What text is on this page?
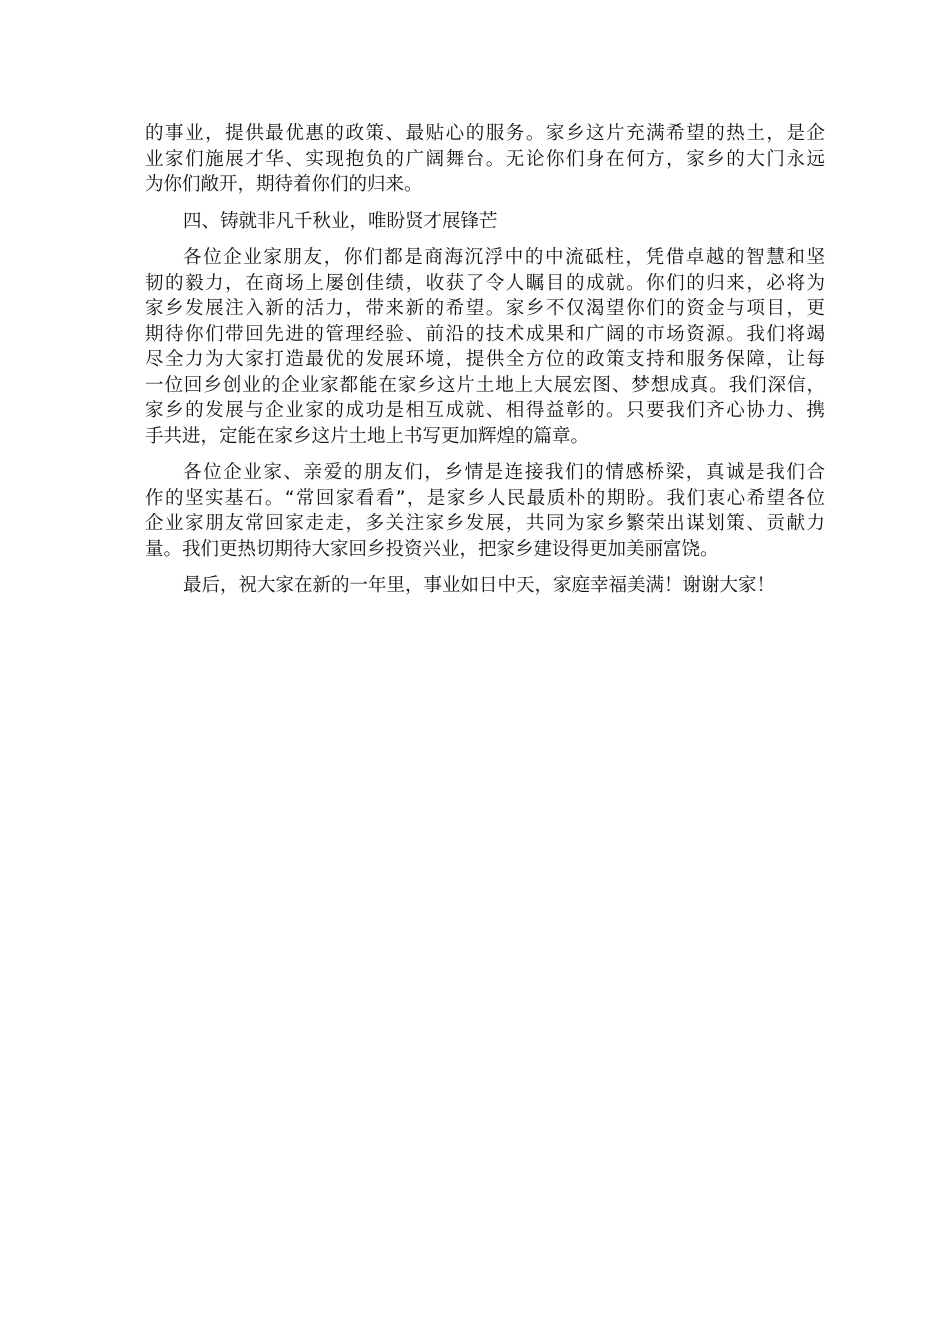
的事业，提供最优惠的政策、最贴心的服务。家乡这片充满希望的热土，是企
业家们施展才华、实现抱负的广阔舞台。无论你们身在何方，家乡的大门永远
为你们敞开，期待着你们的归来。

四、铸就非凡千秋业，唯盼贤才展锋芒

各位企业家朋友，你们都是商海沉浮中的中流砥柱，凭借卓越的智慧和坚
韧的毅力，在商场上屡创佳绩，收获了令人瞩目的成就。你们的归来，必将为
家乡发展注入新的活力，带来新的希望。家乡不仅渴望你们的资金与项目，更
期待你们带回先进的管理经验、前沿的技术成果和广阔的市场资源。我们将竭
尽全力为大家打造最优的发展环境，提供全方位的政策支持和服务保障，让每
一位回乡创业的企业家都能在家乡这片土地上大展宏图、梦想成真。我们深信，
家乡的发展与企业家的成功是相互成就、相得益彰的。只要我们齐心协力、携
手共进，定能在家乡这片土地上书写更加辉煌的篇章。

各位企业家、亲爱的朋友们，乡情是连接我们的情感桥梁，真诚是我们合
作的坚实基石。“常回家看看”，是家乡人民最质朴的期盼。我们衷心希望各位
企业家朋友常回家走走，多关注家乡发展，共同为家乡繁荣出谋划策、贡献力
量。我们更热切期待大家回乡投资兴业，把家乡建设得更加美丽富饶。

最后，祝大家在新的一年里，事业如日中天，家庭幸福美满！谢谢大家！
